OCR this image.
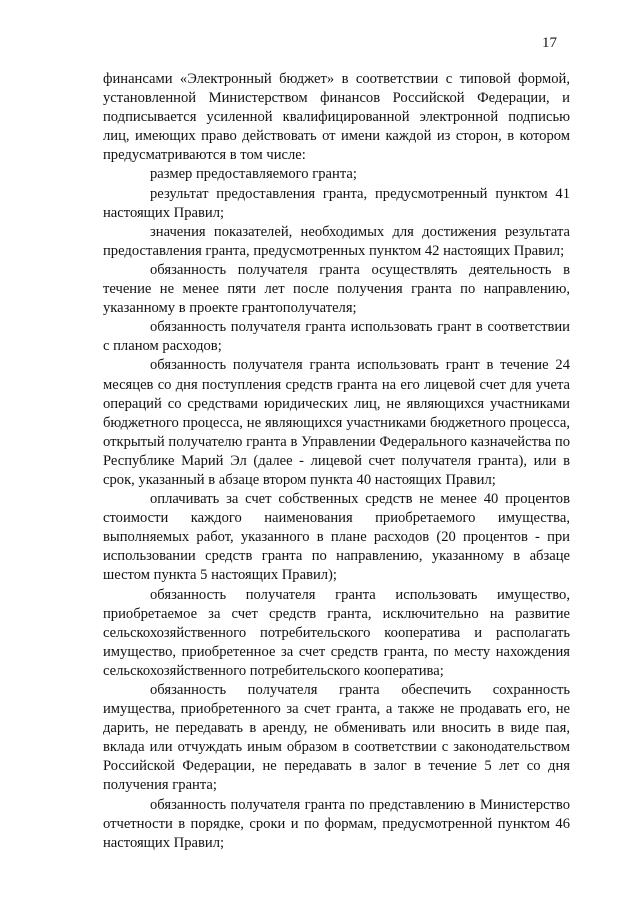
17

финансами «Электронный бюджет» в соответствии с типовой формой, установленной Министерством финансов Российской Федерации, и подписывается усиленной квалифицированной электронной подписью лиц, имеющих право действовать от имени каждой из сторон, в котором предусматриваются в том числе:

размер предоставляемого гранта;

результат предоставления гранта, предусмотренный пунктом 41 настоящих Правил;

значения показателей, необходимых для достижения результата предоставления гранта, предусмотренных пунктом 42 настоящих Правил;

обязанность получателя гранта осуществлять деятельность в течение не менее пяти лет после получения гранта по направлению, указанному в проекте грантополучателя;

обязанность получателя гранта использовать грант в соответствии с планом расходов;

обязанность получателя гранта использовать грант в течение 24 месяцев со дня поступления средств гранта на его лицевой счет для учета операций со средствами юридических лиц, не являющихся участниками бюджетного процесса, не являющихся участниками бюджетного процесса, открытый получателю гранта в Управлении Федерального казначейства по Республике Марий Эл (далее - лицевой счет получателя гранта), или в срок, указанный в абзаце втором пункта 40 настоящих Правил;

оплачивать за счет собственных средств не менее 40 процентов стоимости каждого наименования приобретаемого имущества, выполняемых работ, указанного в плане расходов (20 процентов - при использовании средств гранта по направлению, указанному в абзаце шестом пункта 5 настоящих Правил);

обязанность получателя гранта использовать имущество, приобретаемое за счет средств гранта, исключительно на развитие сельскохозяйственного потребительского кооператива и располагать имущество, приобретенное за счет средств гранта, по месту нахождения сельскохозяйственного потребительского кооператива;

обязанность получателя гранта обеспечить сохранность имущества, приобретенного за счет гранта, а также не продавать его, не дарить, не передавать в аренду, не обменивать или вносить в виде пая, вклада или отчуждать иным образом в соответствии с законодательством Российской Федерации, не передавать в залог в течение 5 лет со дня получения гранта;

обязанность получателя гранта по представлению в Министерство отчетности в порядке, сроки и по формам, предусмотренной пунктом 46 настоящих Правил;
